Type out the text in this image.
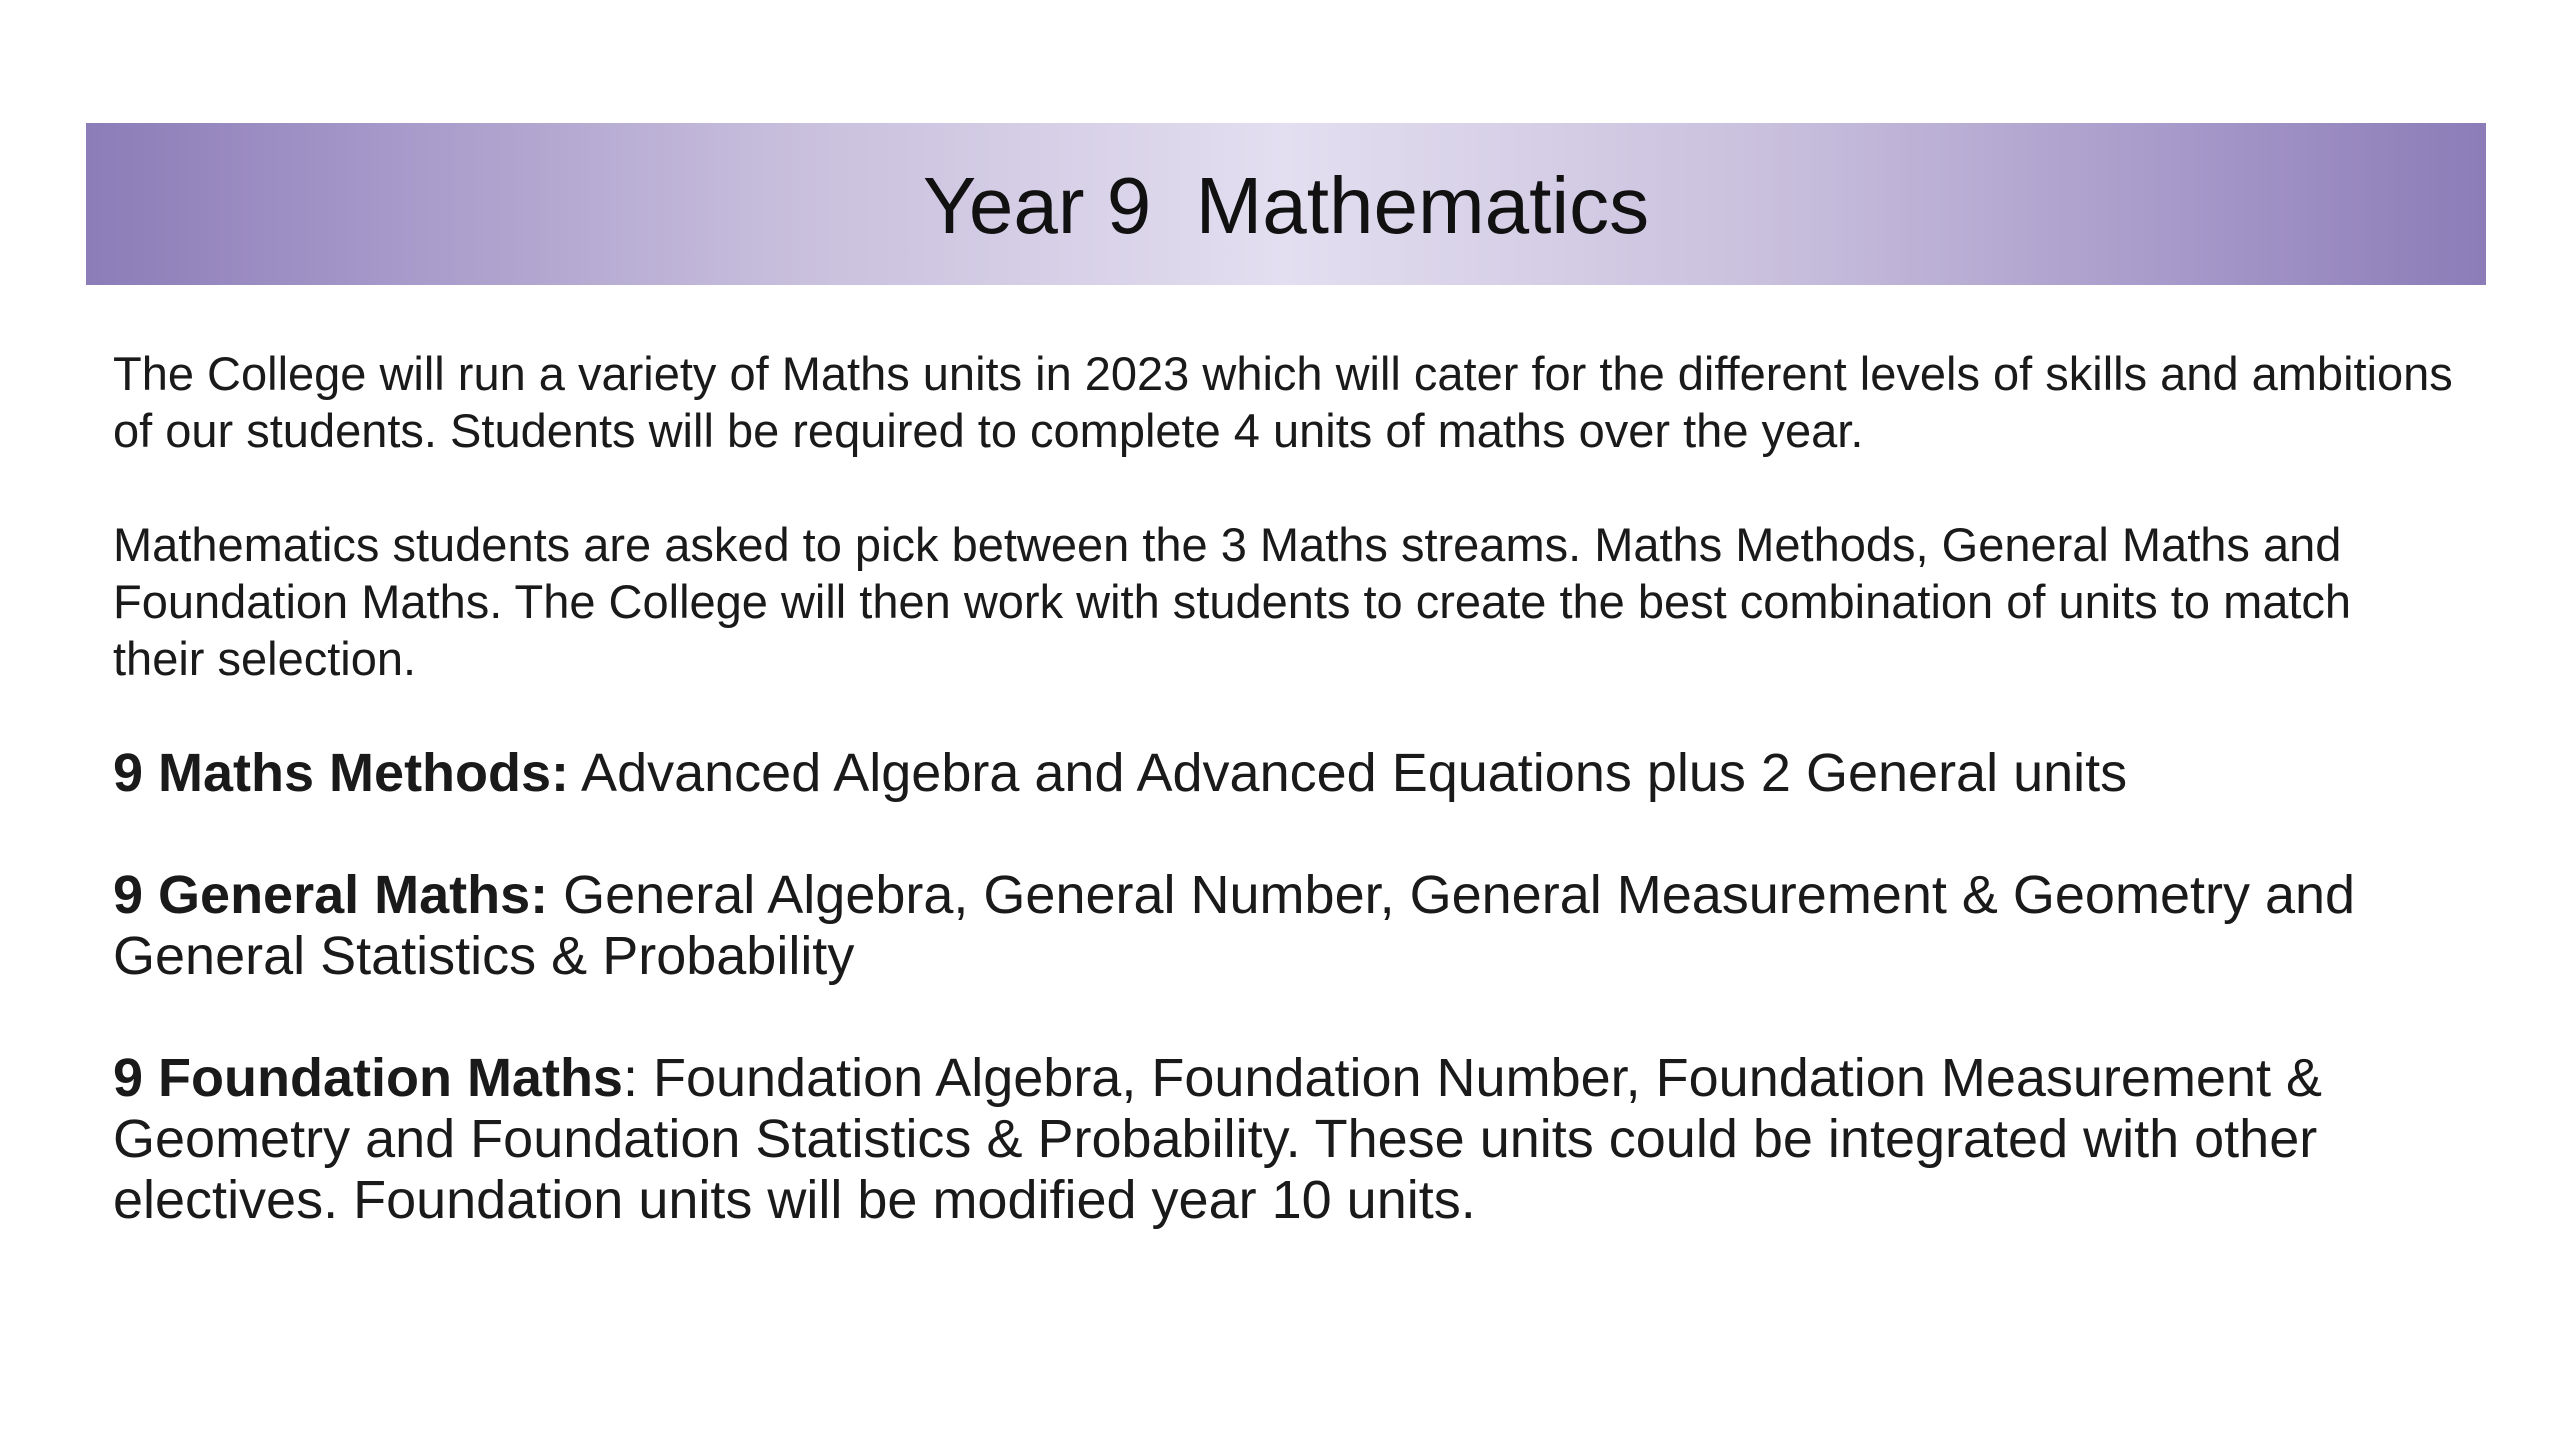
Year 9  Mathematics

The College will run a variety of Maths units in 2023 which will cater for the different levels of skills and ambitions of our students. Students will be required to complete 4 units of maths over the year.

Mathematics students are asked to pick between the 3 Maths streams. Maths Methods, General Maths and Foundation Maths. The College will then work with students to create the best combination of units to match their selection.

9 Maths Methods: Advanced Algebra and Advanced Equations plus 2 General units

9 General Maths: General Algebra, General Number, General Measurement & Geometry and General Statistics & Probability

9 Foundation Maths: Foundation Algebra, Foundation Number, Foundation Measurement & Geometry and Foundation Statistics & Probability. These units could be integrated with other electives. Foundation units will be modified year 10 units.
